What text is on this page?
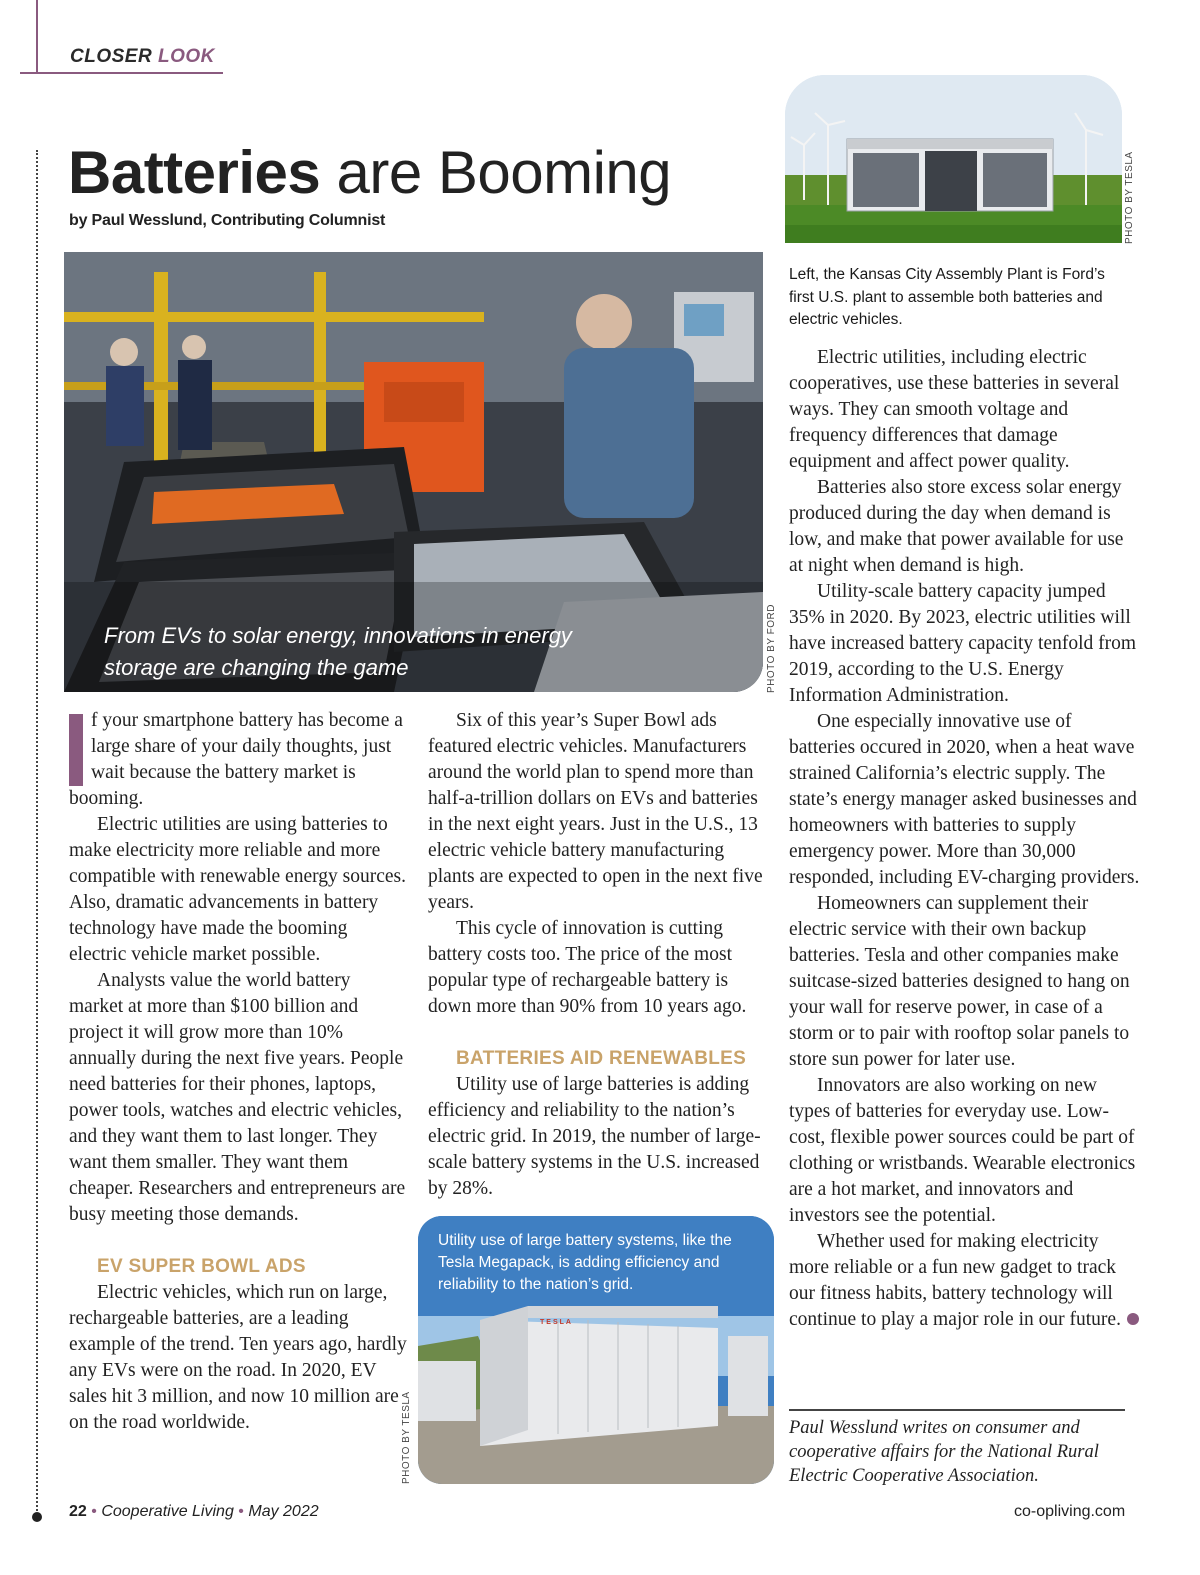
CLOSER LOOK
Batteries are Booming
by Paul Wesslund, Contributing Columnist
From EVs to solar energy, innovations in energy storage are changing the game	PHOTO BY FORD
PHOTO BY TESLA
Left, the Kansas City Assembly Plant is Ford’s first U.S. plant to assemble both batteries and electric vehicles.

f your smartphone battery has become a large share of your daily thoughts, just wait because the battery market is booming.

Electric utilities are using batteries to make electricity more reliable and more compatible with renewable energy sources. Also, dramatic advancements in battery technology have made the booming electric vehicle market possible.

Analysts value the world battery market at more than $100 billion and project it will grow more than 10% annually during the next five years. People need batteries for their phones, laptops, power tools, watches and electric vehicles, and they want them to last longer. They want them smaller. They want them cheaper. Researchers and entrepreneurs are busy meeting those demands.

EV SUPER BOWL ADS

Electric vehicles, which run on large, rechargeable batteries, are a leading example of the trend. Ten years ago, hardly any EVs were on the road. In 2020, EV sales hit 3 million, and now 10 million are on the road worldwide.

Six of this year’s Super Bowl ads featured electric vehicles. Manufacturers around the world plan to spend more than half-a-trillion dollars on EVs and batteries in the next eight years. Just in the U.S., 13 electric vehicle battery manufacturing plants are expected to open in the next five years.

This cycle of innovation is cutting battery costs too. The price of the most popular type of rechargeable battery is down more than 90% from 10 years ago.

BATTERIES AID RENEWABLES

Utility use of large batteries is adding efficiency and reliability to the nation’s electric grid. In 2019, the number of large-scale battery systems in the U.S. increased by 28%.

Utility use of large battery systems, like the Tesla Megapack, is adding efficiency and reliability to the nation’s grid.
TESLA
PHOTO BY TESLA

Electric utilities, including electric cooperatives, use these batteries in several ways. They can smooth voltage and frequency differences that damage equipment and affect power quality.

Batteries also store excess solar energy produced during the day when demand is low, and make that power available for use at night when demand is high.

Utility-scale battery capacity jumped 35% in 2020. By 2023, electric utilities will have increased battery capacity tenfold from 2019, according to the U.S. Energy Information Administration.

One especially innovative use of batteries occured in 2020, when a heat wave strained California’s electric supply. The state’s energy manager asked businesses and homeowners with batteries to supply emergency power. More than 30,000 responded, including EV-charging providers.

Homeowners can supplement their electric service with their own backup batteries. Tesla and other companies make suitcase-sized batteries designed to hang on your wall for reserve power, in case of a storm or to pair with rooftop solar panels to store sun power for later use.

Innovators are also working on new types of batteries for everyday use. Low-cost, flexible power sources could be part of clothing or wristbands. Wearable electronics are a hot market, and innovators and investors see the potential.

Whether used for making electricity more reliable or a fun new gadget to track our fitness habits, battery technology will continue to play a major role in our future.

Paul Wesslund writes on consumer and cooperative affairs for the National Rural Electric Cooperative Association.
22 • Cooperative Living • May 2022	co-opliving.com
